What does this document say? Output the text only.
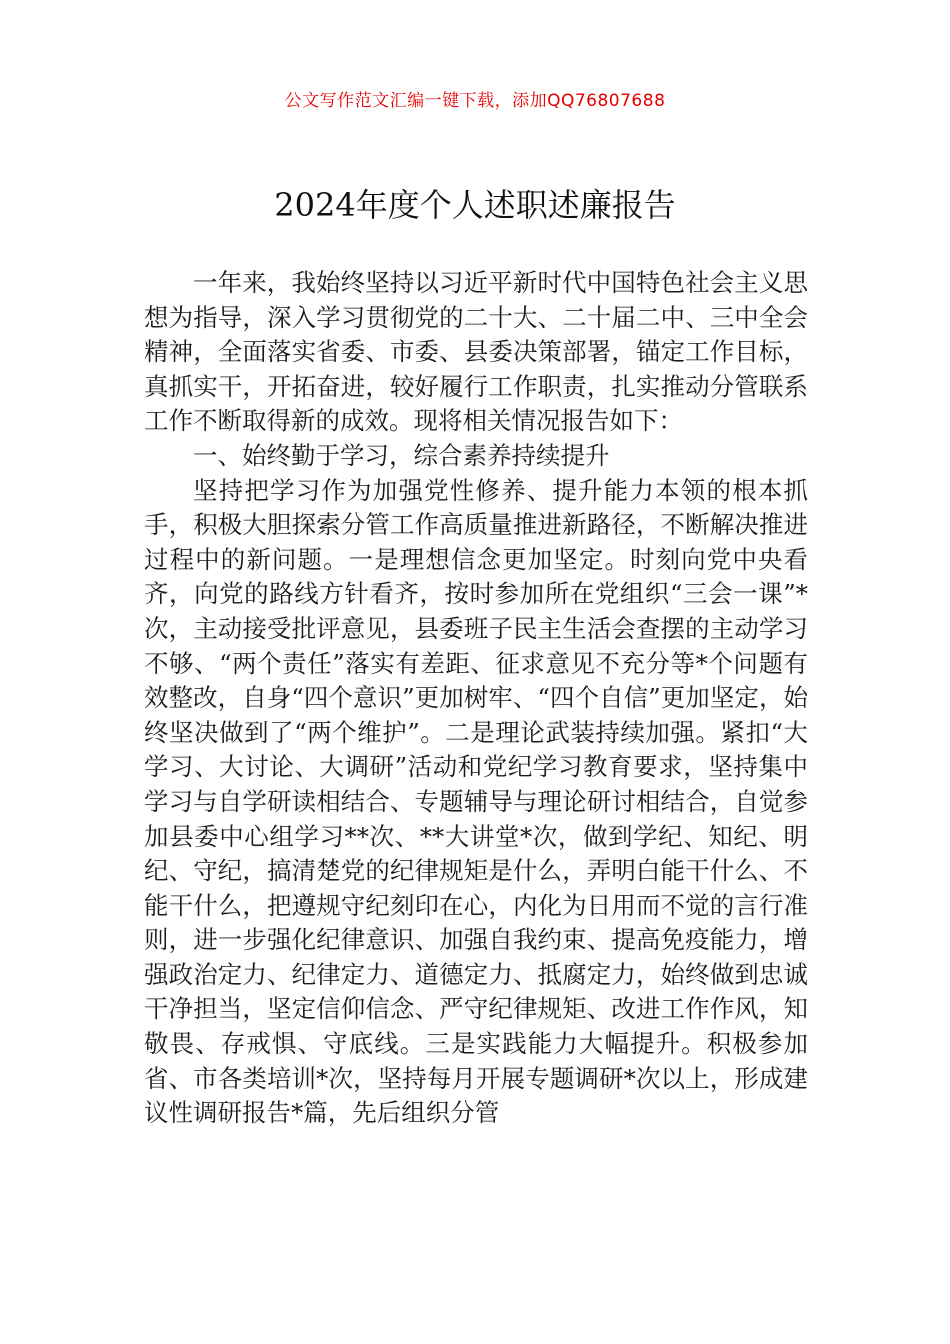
公文写作范文汇编一键下载，添加QQ76807688
2024年度个人述职述廉报告

一年来，我始终坚持以习近平新时代中国特色社会主义思想为指导，深入学习贯彻党的二十大、二十届二中、三中全会精神，全面落实省委、市委、县委决策部署，锚定工作目标，真抓实干，开拓奋进，较好履行工作职责，扎实推动分管联系工作不断取得新的成效。现将相关情况报告如下：

一、始终勤于学习，综合素养持续提升

坚持把学习作为加强党性修养、提升能力本领的根本抓手，积极大胆探索分管工作高质量推进新路径，不断解决推进过程中的新问题。一是理想信念更加坚定。时刻向党中央看齐，向党的路线方针看齐，按时参加所在党组织“三会一课”*次，主动接受批评意见，县委班子民主生活会查摆的主动学习不够、“两个责任”落实有差距、征求意见不充分等*个问题有效整改，自身“四个意识”更加树牢、“四个自信”更加坚定，始终坚决做到了“两个维护”。二是理论武装持续加强。紧扣“大学习、大讨论、大调研”活动和党纪学习教育要求，坚持集中学习与自学研读相结合、专题辅导与理论研讨相结合，自觉参加县委中心组学习**次、**大讲堂*次，做到学纪、知纪、明纪、守纪，搞清楚党的纪律规矩是什么，弄明白能干什么、不能干什么，把遵规守纪刻印在心，内化为日用而不觉的言行准则，进一步强化纪律意识、加强自我约束、提高免疫能力，增强政治定力、纪律定力、道德定力、抵腐定力，始终做到忠诚干净担当，坚定信仰信念、严守纪律规矩、改进工作作风，知敬畏、存戒惧、守底线。三是实践能力大幅提升。积极参加省、市各类培训*次，坚持每月开展专题调研*次以上，形成建议性调研报告*篇，先后组织分管
